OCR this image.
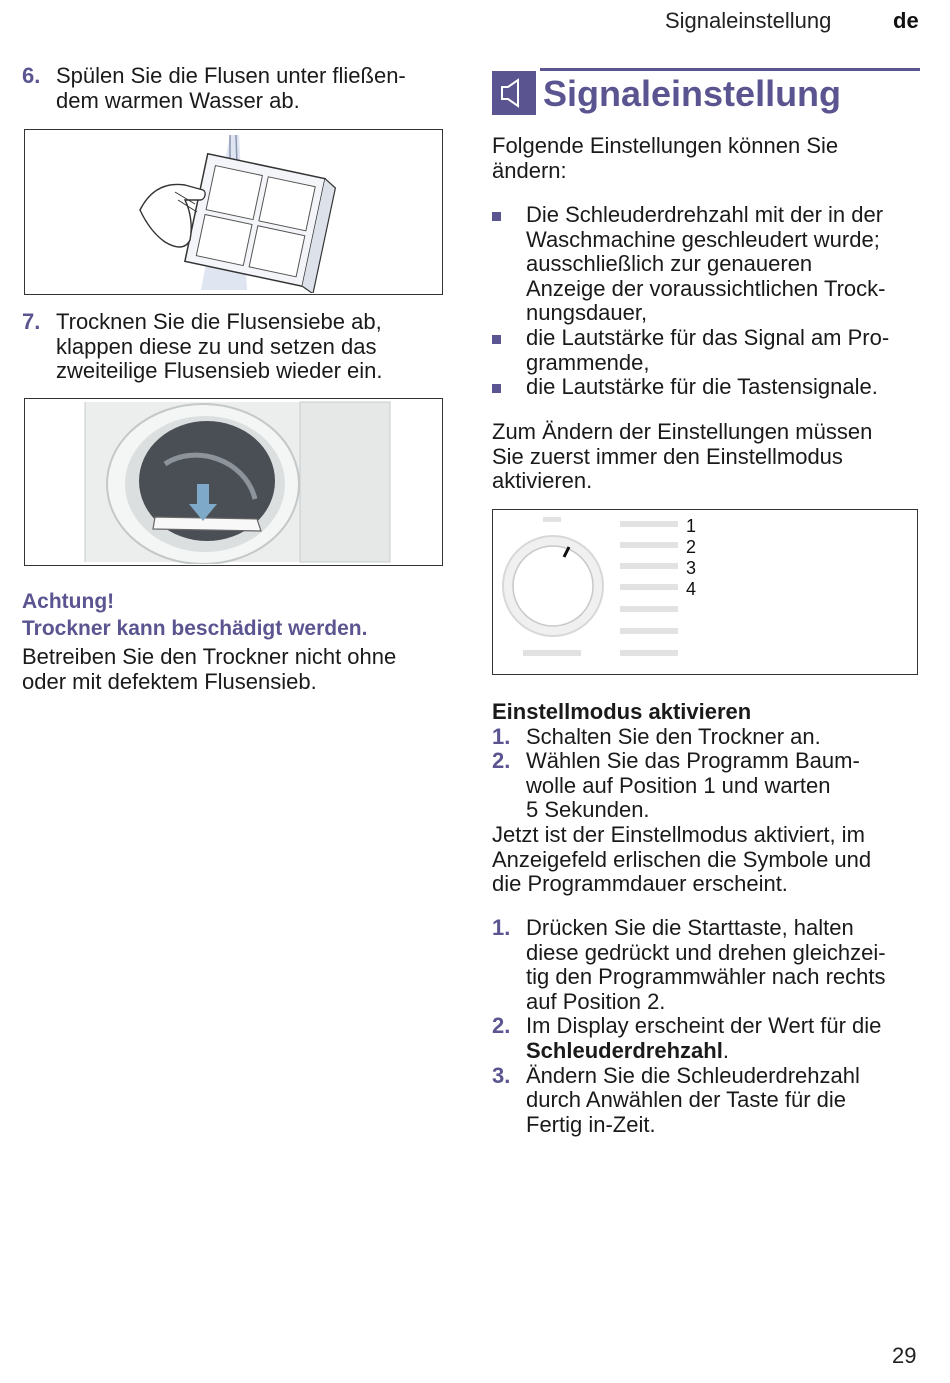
Signaleinstellung	de
6. Spülen Sie die Flusen unter fließen-
dem warmen Wasser ab.
7. Trocknen Sie die Flusensiebe ab,
klappen diese zu und setzen das
zweiteilige Flusensieb wieder ein.
Achtung!
Trockner kann beschädigt werden.
Betreiben Sie den Trockner nicht ohne
oder mit defektem Flusensieb.
Signaleinstellung
Folgende Einstellungen können Sie
ändern:
Die Schleuderdrehzahl mit der in der
Waschmachine geschleudert wurde;
ausschließlich zur genaueren
Anzeige der voraussichtlichen Trock-
nungsdauer,
die Lautstärke für das Signal am Pro-
grammende,
die Lautstärke für die Tastensignale.
Zum Ändern der Einstellungen müssen
Sie zuerst immer den Einstellmodus
aktivieren.
1
2
3
4
Einstellmodus aktivieren
1. Schalten Sie den Trockner an.
2. Wählen Sie das Programm Baum-
wolle auf Position 1 und warten
5 Sekunden.
Jetzt ist der Einstellmodus aktiviert, im
Anzeigefeld erlischen die Symbole und
die Programmdauer erscheint.
1. Drücken Sie die Starttaste, halten
diese gedrückt und drehen gleichzei-
tig den Programmwähler nach rechts
auf Position 2.
2. Im Display erscheint der Wert für die
Schleuderdrehzahl.
3. Ändern Sie die Schleuderdrehzahl
durch Anwählen der Taste für die
Fertig in-Zeit.
29
